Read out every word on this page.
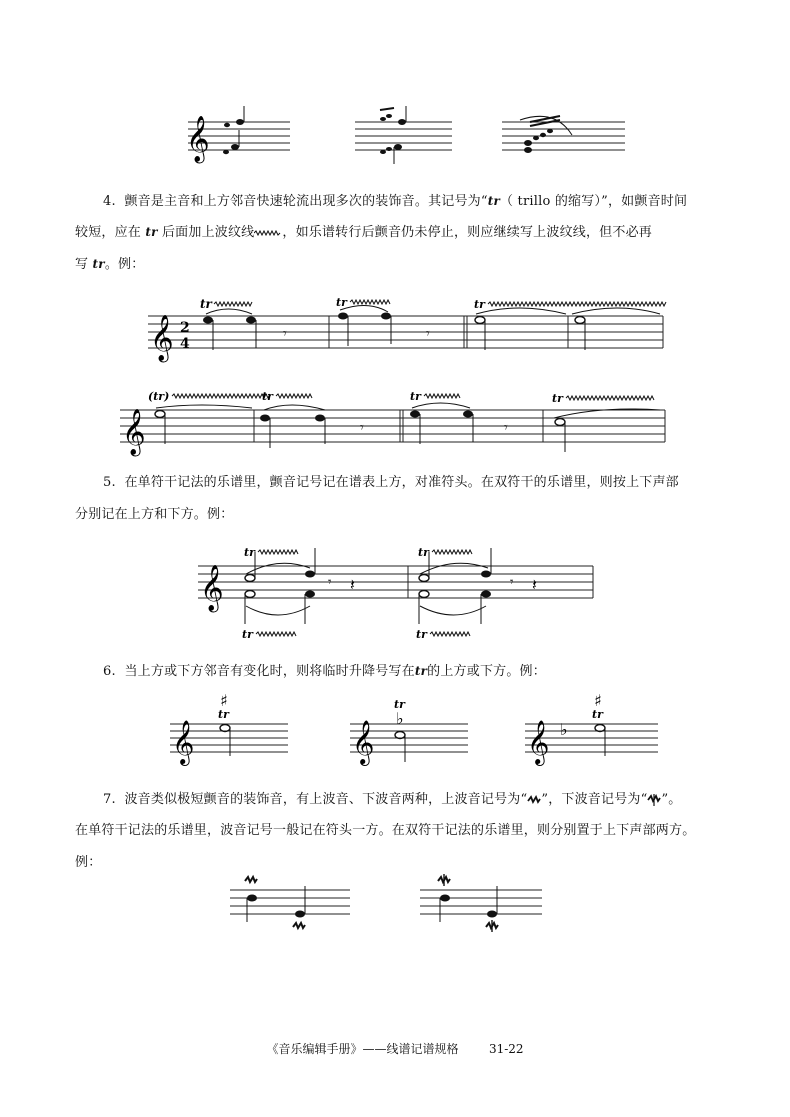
𝄞
4. 颤音是主音和上方邻音快速轮流出现多次的装饰音。其记号为“tr（ trillo 的缩写）”，如颤音时间
较短，应在 tr 后面加上波纹线 ，如乐谱转行后颤音仍未停止，则应继续写上波纹线，但不必再
写 tr。例：
𝄞 2
4
tr
𝄾
tr
𝄾
tr
𝄞
(tr)	tr
𝄾
tr
𝄾
tr
5. 在单符干记法的乐谱里，颤音记号记在谱表上方，对准符头。在双符干的乐谱里，则按上下声部
分别记在上方和下方。例：
𝄞
tr
𝄾 𝄽
tr
tr
𝄾 𝄽
tr
6. 当上方或下方邻音有变化时，则将临时升降号写在tr的上方或下方。例：
𝄞
♯
tr
𝄞
tr
♭
𝄞 ♭
♯
tr
7. 波音类似极短颤音的装饰音，有上波音、下波音两种，上波音记号为“ ”，下波音记号为“ ”。
在单符干记法的乐谱里，波音记号一般记在符头一方。在双符干记法的乐谱里，则分别置于上下声部两方。
例：
《音乐编辑手册》——线谱记谱规格	31-22
